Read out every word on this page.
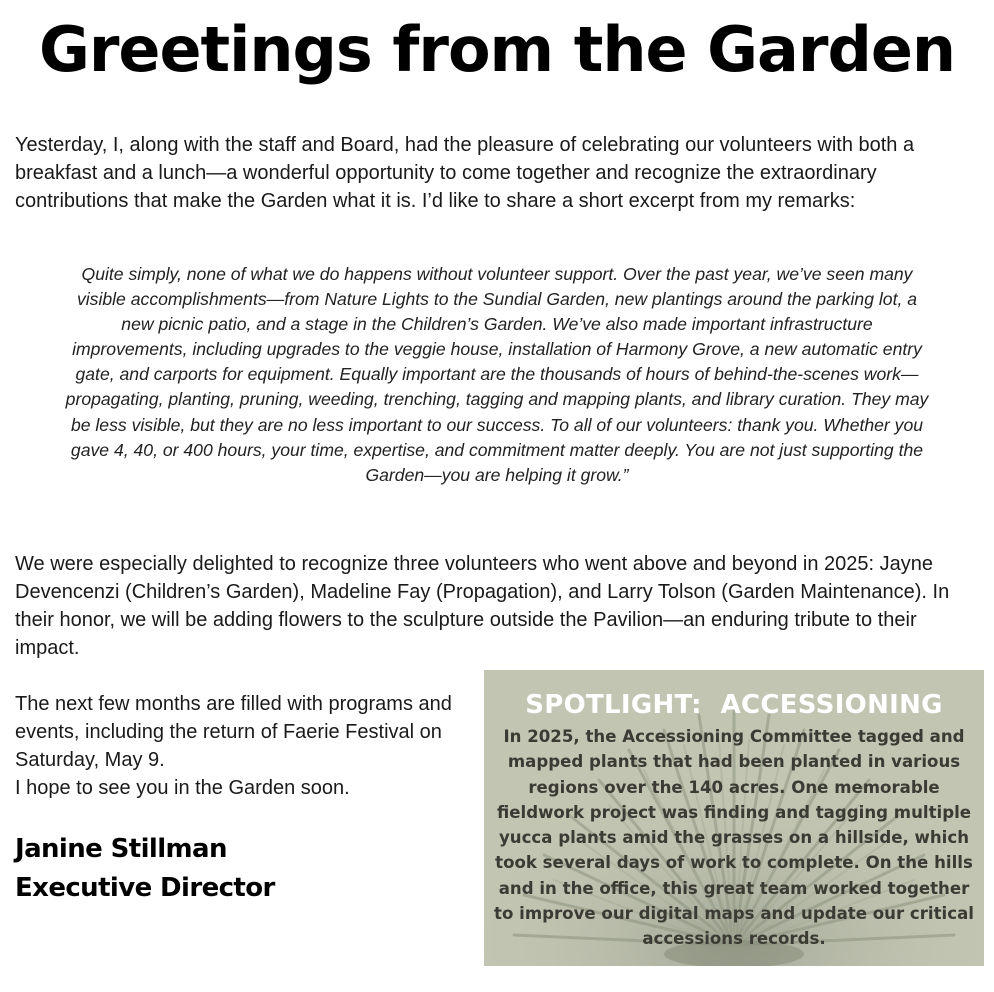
Greetings from the Garden

Yesterday, I, along with the staff and Board, had the pleasure of celebrating our volunteers with both a breakfast and a lunch—a wonderful opportunity to come together and recognize the extraordinary contributions that make the Garden what it is. I’d like to share a short excerpt from my remarks:

Quite simply, none of what we do happens without volunteer support. Over the past year, we’ve seen many visible accomplishments—from Nature Lights to the Sundial Garden, new plantings around the parking lot, a new picnic patio, and a stage in the Children’s Garden. We’ve also made important infrastructure improvements, including upgrades to the veggie house, installation of Harmony Grove, a new automatic entry gate, and carports for equipment. Equally important are the thousands of hours of behind-the-scenes work—propagating, planting, pruning, weeding, trenching, tagging and mapping plants, and library curation. They may be less visible, but they are no less important to our success. To all of our volunteers: thank you. Whether you gave 4, 40, or 400 hours, your time, expertise, and commitment matter deeply. You are not just supporting the Garden—you are helping it grow.”

We were especially delighted to recognize three volunteers who went above and beyond in 2025: Jayne Devencenzi (Children’s Garden), Madeline Fay (Propagation), and Larry Tolson (Garden Maintenance). In their honor, we will be adding flowers to the sculpture outside the Pavilion—an enduring tribute to their impact.

The next few months are filled with programs and events, including the return of Faerie Festival on Saturday, May 9.
I hope to see you in the Garden soon.

Janine Stillman
Executive Director
SPOTLIGHT:  ACCESSIONING

In 2025, the Accessioning Committee tagged and mapped plants that had been planted in various regions over the 140 acres. One memorable fieldwork project was finding and tagging multiple yucca plants amid the grasses on a hillside, which took several days of work to complete. On the hills and in the office, this great team worked together to improve our digital maps and update our critical accessions records.
